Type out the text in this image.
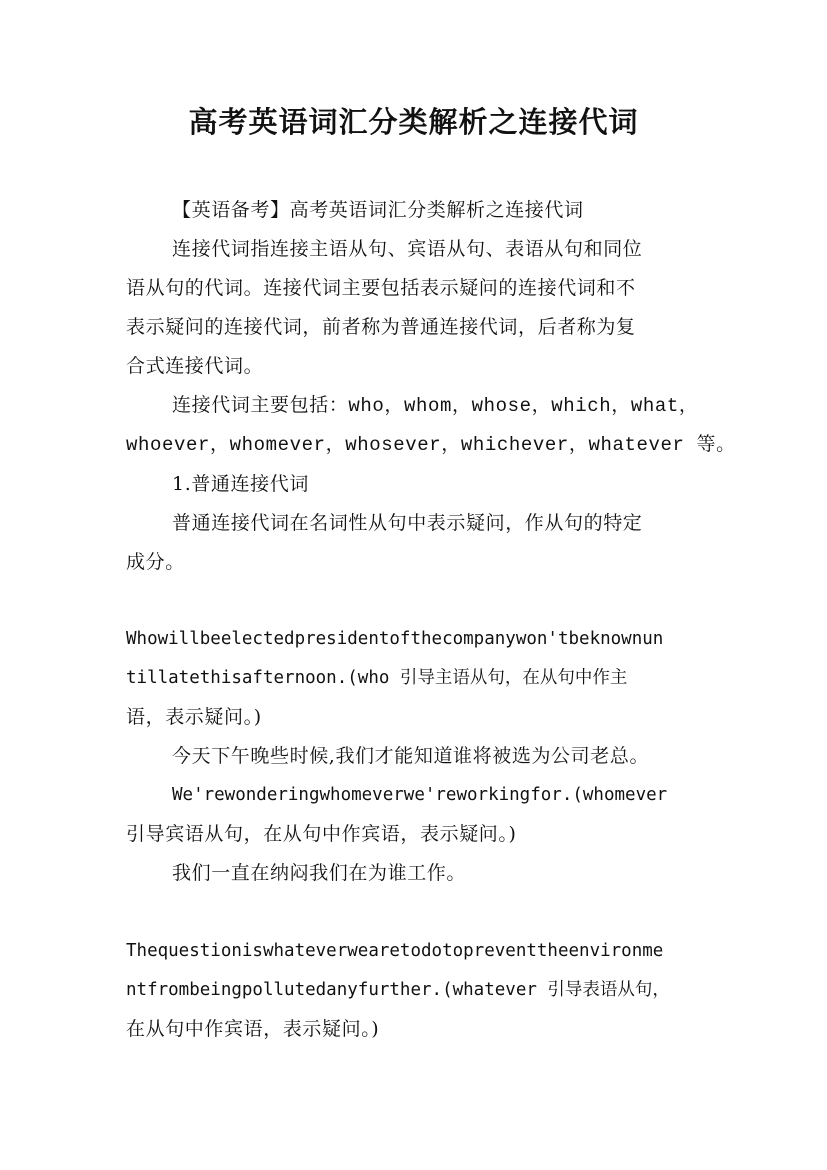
高考英语词汇分类解析之连接代词
【英语备考】高考英语词汇分类解析之连接代词
连接代词指连接主语从句、宾语从句、表语从句和同位
语从句的代词。连接代词主要包括表示疑问的连接代词和不
表示疑问的连接代词，前者称为普通连接代词，后者称为复
合式连接代词。
连接代词主要包括：who，whom，whose，which，what，
whoever，whomever，whosever，whichever，whatever 等。
1.普通连接代词
普通连接代词在名词性从句中表示疑问，作从句的特定
成分。
Whowillbeelectedpresidentofthecompanywon'tbeknownun
tillatethisafternoon.(who 引导主语从句，在从句中作主
语，表示疑问。)
今天下午晚些时候,我们才能知道谁将被选为公司老总。
We'rewonderingwhomeverwe'reworkingfor.(whomever
引导宾语从句，在从句中作宾语，表示疑问。)
我们一直在纳闷我们在为谁工作。
Thequestioniswhateverwearetodotopreventtheenvironme
ntfrombeingpollutedanyfurther.(whatever 引导表语从句，
在从句中作宾语，表示疑问。)
